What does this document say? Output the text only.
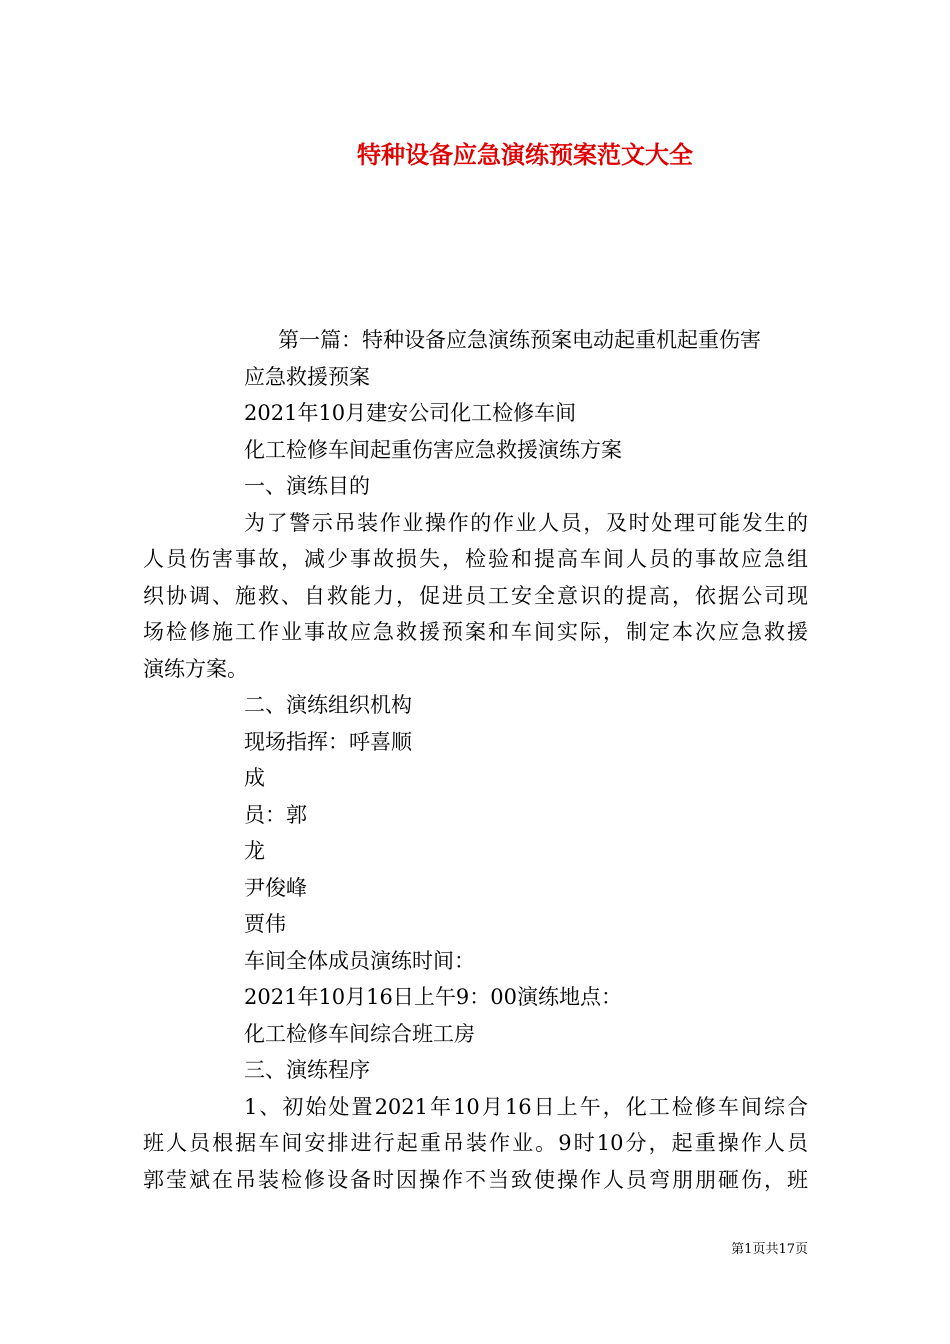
特种设备应急演练预案范文大全
第一篇：特种设备应急演练预案电动起重机起重伤害
应急救援预案
2021年10月建安公司化工检修车间
化工检修车间起重伤害应急救援演练方案
一、演练目的
为了警示吊装作业操作的作业人员，及时处理可能发生的
人员伤害事故，减少事故损失，检验和提高车间人员的事故应急组
织协调、施救、自救能力，促进员工安全意识的提高，依据公司现
场检修施工作业事故应急救援预案和车间实际，制定本次应急救援
演练方案。
二、演练组织机构
现场指挥：呼喜顺
成
员：郭
龙
尹俊峰
贾伟
车间全体成员演练时间：
2021年10月16日上午9：00演练地点：
化工检修车间综合班工房
三、演练程序
1、初始处置2021年10月16日上午，化工检修车间综合
班人员根据车间安排进行起重吊装作业。9时10分，起重操作人员
郭莹斌在吊装检修设备时因操作不当致使操作人员弯朋朋砸伤，班
第1页共17页
